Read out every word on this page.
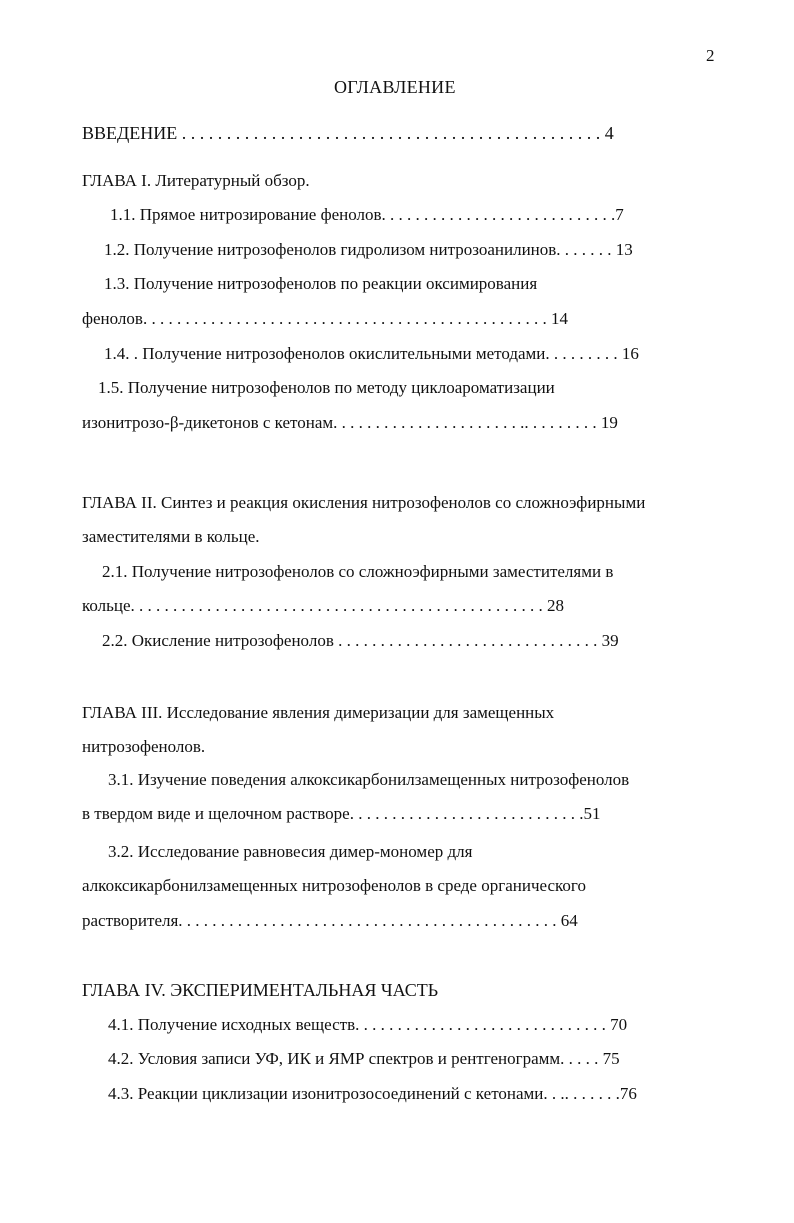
2
ОГЛАВЛЕНИЕ
ВВЕДЕНИЕ . . . . . . . . . . . . . . . . . . . . . . . . . . . . . . . . . . . . . . . . . . . . . . . 4
ГЛАВА I. Литературный обзор.
1.1. Прямое нитрозирование фенолов. . . . . . . . . . . . . . . . . . . . . . . . . . . .7
1.2. Получение нитрозофенолов гидролизом нитрозоанилинов. . . . . . . 13
1.3. Получение нитрозофенолов по реакции оксимирования
фенолов. . . . . . . . . . . . . . . . . . . . . . . . . . . . . . . . . . . . . . . . . . . . . . . . 14
1.4. . Получение нитрозофенолов окислительными методами. . . . . . . . . 16
1.5. Получение нитрозофенолов по методу циклоароматизации
изонитрозо-β-дикетонов с кетонам. . . . . . . . . . . . . . . . . . . . . . .. . . . . . . . . 19
ГЛАВА II. Синтез и реакция окисления нитрозофенолов со сложноэфирными
заместителями в кольце.
2.1. Получение нитрозофенолов со сложноэфирными заместителями в
кольце. . . . . . . . . . . . . . . . . . . . . . . . . . . . . . . . . . . . . . . . . . . . . . . . . 28
2.2. Окисление нитрозофенолов . . . . . . . . . . . . . . . . . . . . . . . . . . . . . . . 39
ГЛАВА III. Исследование явления димеризации для замещенных
нитрозофенолов.
3.1. Изучение поведения алкоксикарбонилзамещенных нитрозофенолов
в твердом виде и щелочном растворе. . . . . . . . . . . . . . . . . . . . . . . . . . . .51
3.2. Исследование равновесия димер-мономер для
алкоксикарбонилзамещенных нитрозофенолов в среде органического
растворителя. . . . . . . . . . . . . . . . . . . . . . . . . . . . . . . . . . . . . . . . . . . . . 64
ГЛАВА IV. ЭКСПЕРИМЕНТАЛЬНАЯ ЧАСТЬ
4.1. Получение исходных веществ. . . . . . . . . . . . . . . . . . . . . . . . . . . . . . 70
4.2. Условия записи УФ, ИК и ЯМР спектров и рентгенограмм. . . . . 75
4.3. Реакции циклизации изонитрозосоединений с кетонами. . .. . . . . . .76
